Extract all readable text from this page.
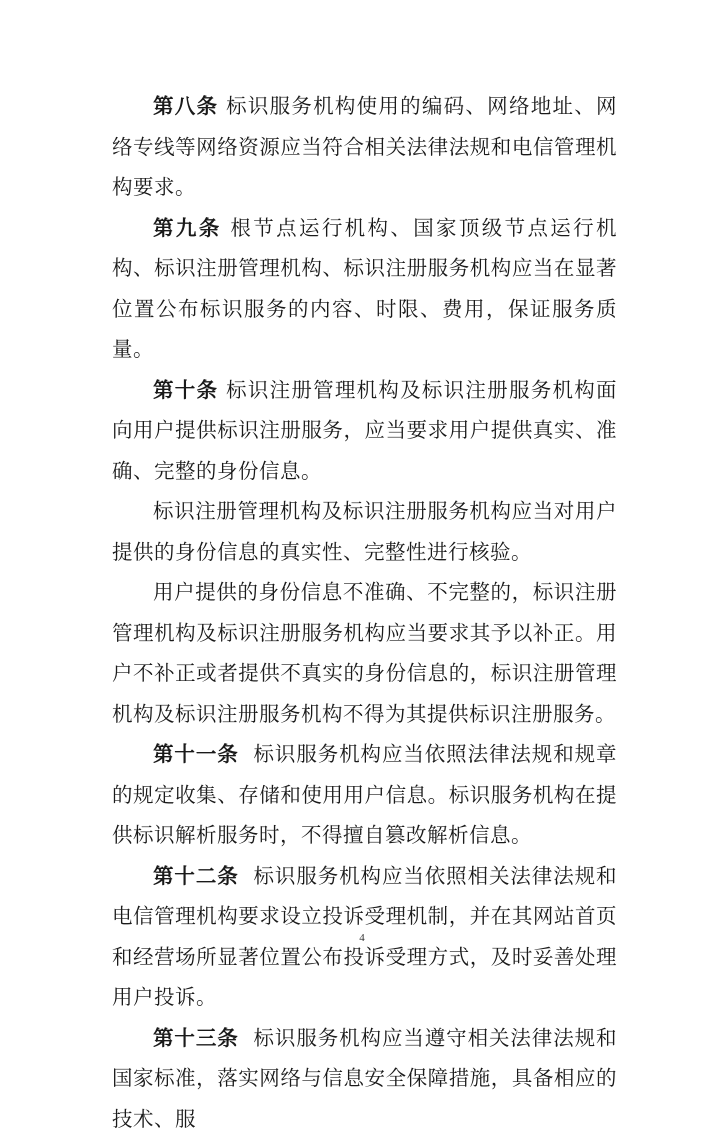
第八条 标识服务机构使用的编码、网络地址、网络专线等网络资源应当符合相关法律法规和电信管理机构要求。

第九条 根节点运行机构、国家顶级节点运行机构、标识注册管理机构、标识注册服务机构应当在显著位置公布标识服务的内容、时限、费用，保证服务质量。

第十条 标识注册管理机构及标识注册服务机构面向用户提供标识注册服务，应当要求用户提供真实、准确、完整的身份信息。

标识注册管理机构及标识注册服务机构应当对用户提供的身份信息的真实性、完整性进行核验。

用户提供的身份信息不准确、不完整的，标识注册管理机构及标识注册服务机构应当要求其予以补正。用户不补正或者提供不真实的身份信息的，标识注册管理机构及标识注册服务机构不得为其提供标识注册服务。

第十一条 标识服务机构应当依照法律法规和规章的规定收集、存储和使用用户信息。标识服务机构在提供标识解析服务时，不得擅自篡改解析信息。

第十二条 标识服务机构应当依照相关法律法规和电信管理机构要求设立投诉受理机制，并在其网站首页和经营场所显著位置公布投诉受理方式，及时妥善处理用户投诉。

第十三条 标识服务机构应当遵守相关法律法规和国家标准，落实网络与信息安全保障措施，具备相应的技术、服

4
